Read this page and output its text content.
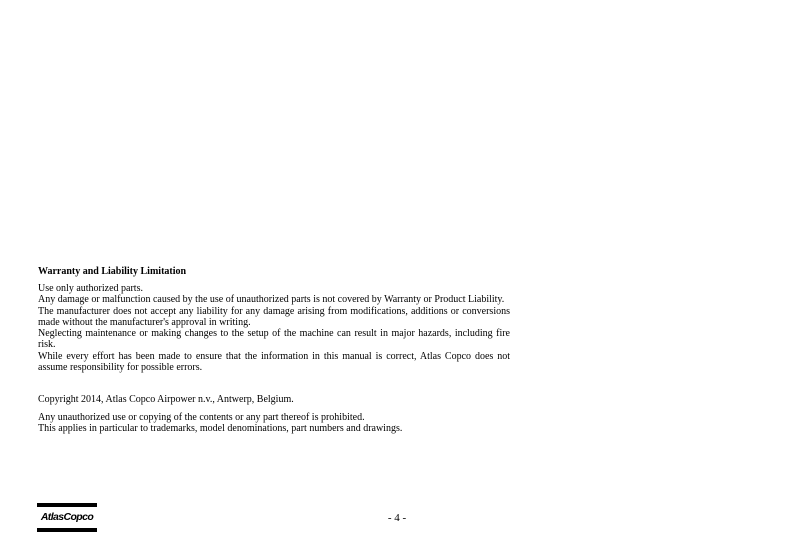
Warranty and Liability Limitation

Use only authorized parts.

Any damage or malfunction caused by the use of unauthorized parts is not covered by Warranty or Product Liability.

The manufacturer does not accept any liability for any damage arising from modifications, additions or conversions made without the manufacturer's approval in writing.

Neglecting maintenance or making changes to the setup of the machine can result in major hazards, including fire risk.

While every effort has been made to ensure that the information in this manual is correct, Atlas Copco does not assume responsibility for possible errors.

Copyright 2014, Atlas Copco Airpower n.v., Antwerp, Belgium.

Any unauthorized use or copying of the contents or any part thereof is prohibited.

This applies in particular to trademarks, model denominations, part numbers and drawings.

AtlasCopco	- 4 -
